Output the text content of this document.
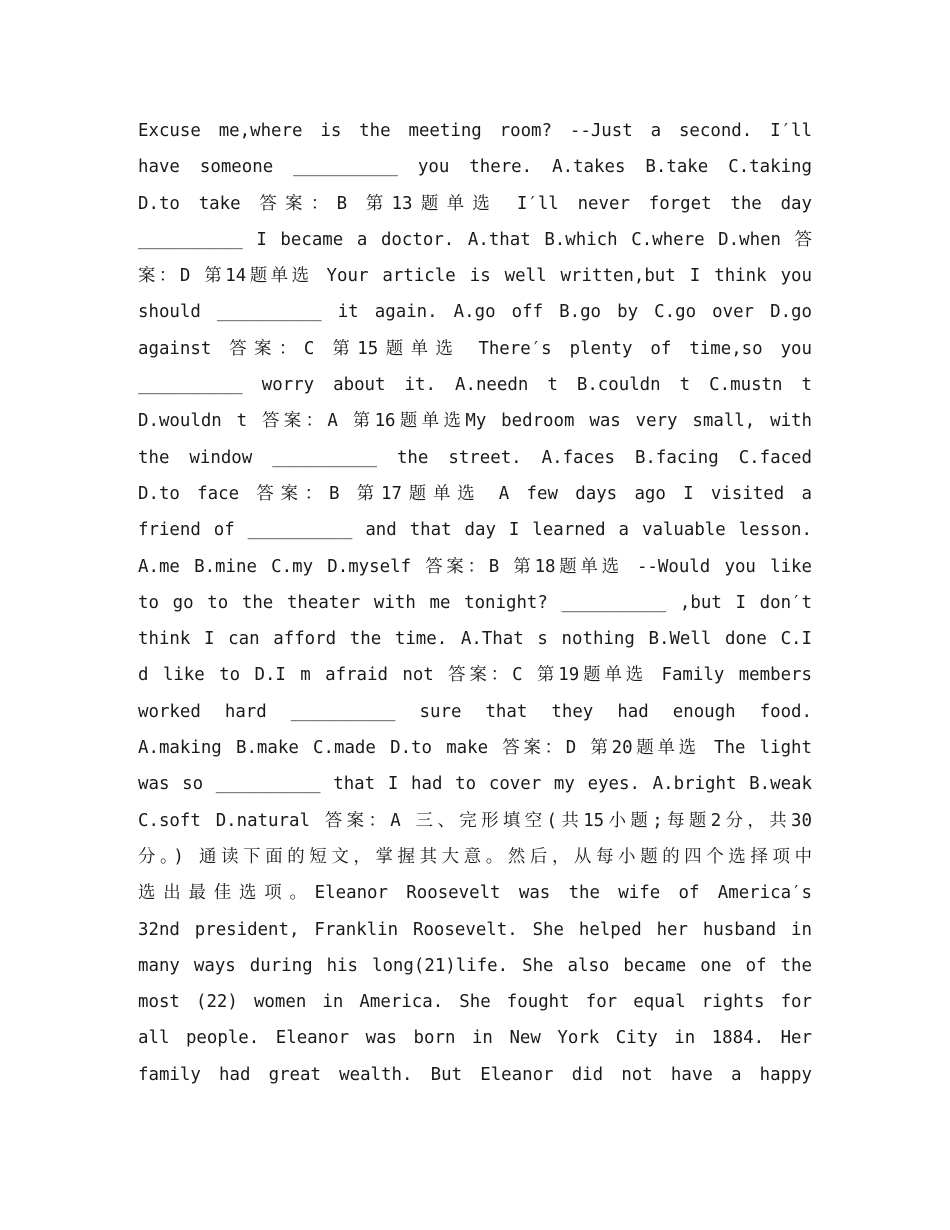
Excuse me,where is the meeting room? --Just a second. I′ll
have someone __________ you there. A.takes B.take C.taking
D.to take 答案：B 第13题单选 I′ll never forget the day
__________ I became a doctor. A.that B.which C.where D.when 答
案：D 第14题单选 Your article is well written,but I think you
should __________ it again. A.go off B.go by C.go over D.go
against 答案：C 第15题单选 There′s plenty of time,so you
__________ worry about it. A.needn t B.couldn t C.mustn t
D.wouldn t 答案：A 第16题单选My bedroom was very small, with
the window __________ the street. A.faces B.facing C.faced
D.to face 答案：B 第17题单选 A few days ago I visited a
friend of __________ and that day I learned a valuable lesson.
A.me B.mine C.my D.myself 答案：B 第18题单选 --Would you like
to go to the theater with me tonight? __________ ,but I don′t
think I can afford the time. A.That s nothing B.Well done C.I
d like to D.I m afraid not 答案：C 第19题单选 Family members
worked hard __________ sure that they had enough food.
A.making B.make C.made D.to make 答案：D 第20题单选 The light
was so __________ that I had to cover my eyes. A.bright B.weak
C.soft D.natural 答案：A 三、完形填空(共15小题;每题2分，共30
分。) 通读下面的短文，掌握其大意。然后，从每小题的四个选择项中
选出最佳选项。Eleanor Roosevelt was the wife of America′s
32nd president, Franklin Roosevelt. She helped her husband in
many ways during his long(21)life. She also became one of the
most (22) women in America. She fought for equal rights for
all people. Eleanor was born in New York City in 1884. Her
family had great wealth. But Eleanor did not have a happy
